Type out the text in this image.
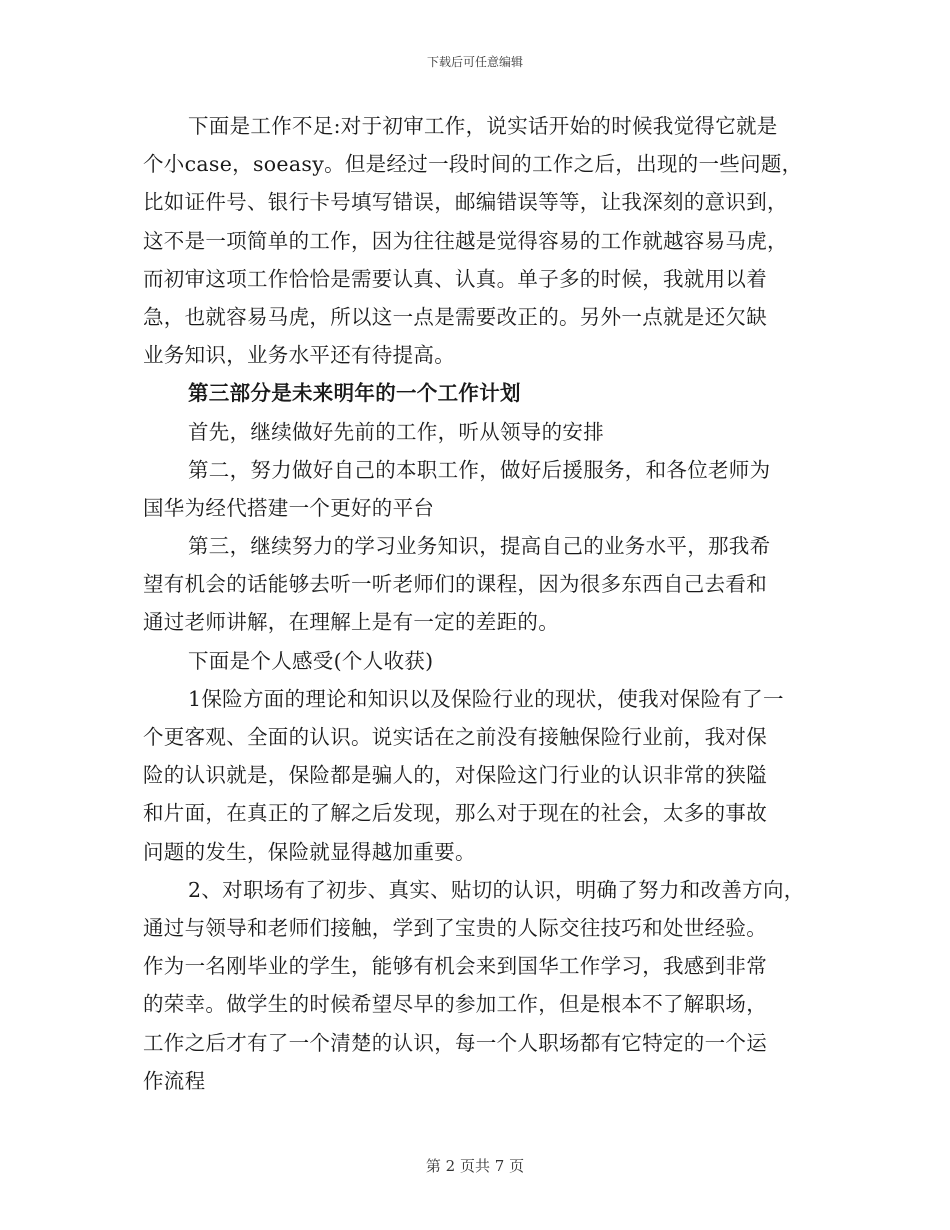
下载后可任意编辑
下面是工作不足:对于初审工作，说实话开始的时候我觉得它就是
个小case，soeasy。但是经过一段时间的工作之后，出现的一些问题，
比如证件号、银行卡号填写错误，邮编错误等等，让我深刻的意识到，
这不是一项简单的工作，因为往往越是觉得容易的工作就越容易马虎，
而初审这项工作恰恰是需要认真、认真。单子多的时候，我就用以着
急，也就容易马虎，所以这一点是需要改正的。另外一点就是还欠缺
业务知识，业务水平还有待提高。
第三部分是未来明年的一个工作计划
首先，继续做好先前的工作，听从领导的安排
第二，努力做好自己的本职工作，做好后援服务，和各位老师为
国华为经代搭建一个更好的平台
第三，继续努力的学习业务知识，提高自己的业务水平，那我希
望有机会的话能够去听一听老师们的课程，因为很多东西自己去看和
通过老师讲解，在理解上是有一定的差距的。
下面是个人感受(个人收获)
1保险方面的理论和知识以及保险行业的现状，使我对保险有了一
个更客观、全面的认识。说实话在之前没有接触保险行业前，我对保
险的认识就是，保险都是骗人的，对保险这门行业的认识非常的狭隘
和片面，在真正的了解之后发现，那么对于现在的社会，太多的事故
问题的发生，保险就显得越加重要。
2、对职场有了初步、真实、贴切的认识，明确了努力和改善方向，
通过与领导和老师们接触，学到了宝贵的人际交往技巧和处世经验。
作为一名刚毕业的学生，能够有机会来到国华工作学习，我感到非常
的荣幸。做学生的时候希望尽早的参加工作，但是根本不了解职场，
工作之后才有了一个清楚的认识，每一个人职场都有它特定的一个运
作流程
第 2 页共 7 页
